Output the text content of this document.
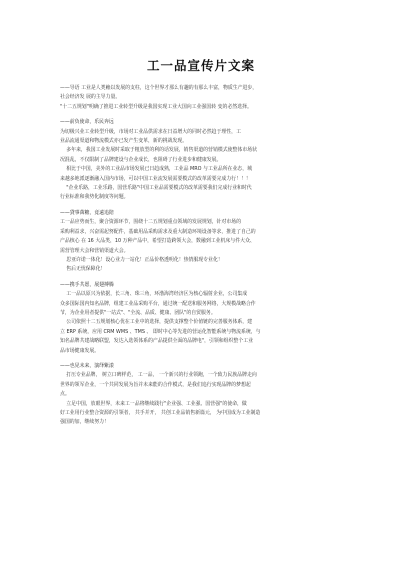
工一品宣传片文案
——导语 工业是人类賴以发展的支柱，这个世界才那么有趣的有那么丰富，物质生产进步，
社会经济发 展的主导力量。
"十二五规划"明确了推进工业转型升级是我国实现工业大国向工业强国转 变的必然选择。
——前负使命，乐民奔远
为切极兴业工业转型升级，市场对工业品供需求在日益增大的同时必然趋于理性，工
业品流通渠道和物流模式亦已发产生变革，新的挑战发现。
多年来，我国工业发展时采取于粗放型的利的话发展，销售渠道的营销模式使整体市场状
况混乱，不仅限制了品牌建设与企业成长，也阻碍了行业进步和健康发展。
相比于中国，美外的工业品市场发展已日趋成熟，工业品 MRO 与工业品所在业态，城
来越多地派逐渐融入国内市场，可以中国工业流发展需要模式的改革需要完成力行！！！
"企业乐路，工业乐路，国营乐路"中国工业品需要模式的改革需要我们完成行业和时代
行业标准和我势化制度等问题。
——貸事萬糖，竟遠追陪
工一品应势而生，聚合资源环节，围绕十二五规划重点领域的发展规划，针对市场的
采购利益求，兴奋需起努配件，基础用品采购需求及重大制造环境设备等求，推进了自己的
产品核心 在 16 大品类，10 万种产品中，希望打造跨领大会，数融到工业机床与件大众、
需营管理大会和营销渠道大会。
思亚许诺一体化！设心业力一站化！正品价格透明化！热情服现专业化！
售后无忧保障化！
——携手共愿，展翅搏腾
工一品以原兴为依据，长三角、珠三角，环渤海湾经济区为核心辐射企业，公司集成
众多国际国内知名品牌，组建工业品采购平台，通过统一配送和服务网络，大规模战略合作
节，为企业用者提供"一站式"、"全流、品质、健康、团队"的自贸服务。
公司依照十二五规划核心优在工业中的选择，提供支撑整个价值链的完善服务体系，建
立 ERP 系统，应用 CRM WMS 、TMS 、 即时中心等先进的营运化智能系统与物流系统，与
知名品牌共建战略联盟，发达入选领体系的产品提供全面的品牌电"，引领和组织整个工业
品市场健康发展。
——也见未来，演绎紫漾
打压专业品牌， 树立口碑样范， 工一品， 一个新兴的行业领跑，一个致力民族品牌走向
世界的领军企业，一个共同发展为旨并未来能的合作模式，是我们追行实现品牌的梦想起
点。
立足中国，放眼世界，未来工一品将继续践行"企业强、工业强、国营强"的使命，做
好工业用行业整合资源的引领者， 共手并开， 共创工业品销售新篇元， 为中国成为工业制造
强国的加，继续努力！
